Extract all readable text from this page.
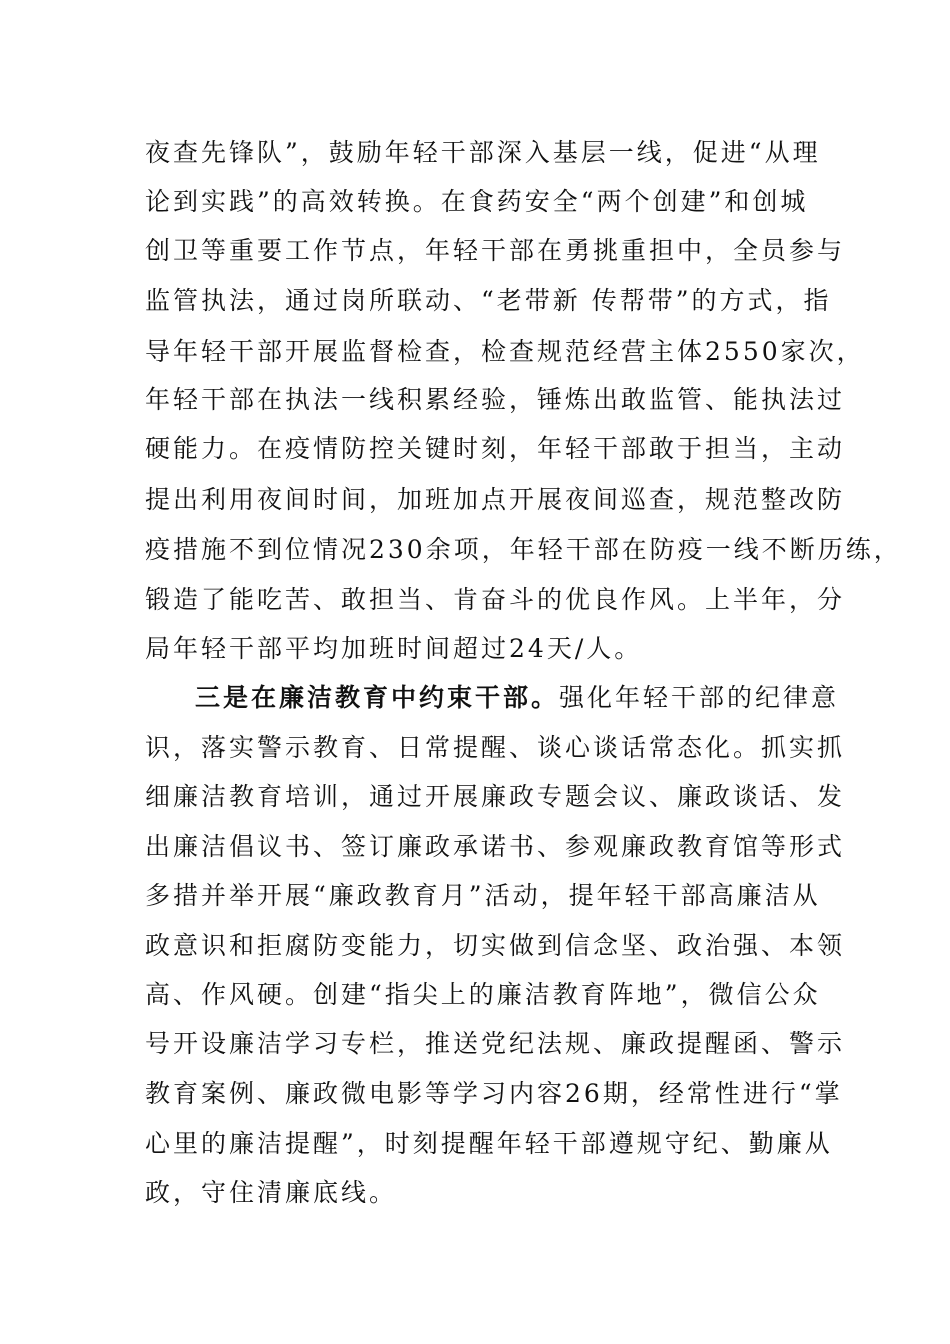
夜查先锋队”，鼓励年轻干部深入基层一线，促进“从理
论到实践”的高效转换。在食药安全“两个创建”和创城
创卫等重要工作节点，年轻干部在勇挑重担中，全员参与
监管执法，通过岗所联动、“老带新 传帮带”的方式，指
导年轻干部开展监督检查，检查规范经营主体2550家次，
年轻干部在执法一线积累经验，锤炼出敢监管、能执法过
硬能力。在疫情防控关键时刻，年轻干部敢于担当，主动
提出利用夜间时间，加班加点开展夜间巡查，规范整改防
疫措施不到位情况230余项，年轻干部在防疫一线不断历练，
锻造了能吃苦、敢担当、肯奋斗的优良作风。上半年，分
局年轻干部平均加班时间超过24天/人。
三是在廉洁教育中约束干部。强化年轻干部的纪律意
识，落实警示教育、日常提醒、谈心谈话常态化。抓实抓
细廉洁教育培训，通过开展廉政专题会议、廉政谈话、发
出廉洁倡议书、签订廉政承诺书、参观廉政教育馆等形式
多措并举开展“廉政教育月”活动，提年轻干部高廉洁从
政意识和拒腐防变能力，切实做到信念坚、政治强、本领
高、作风硬。创建“指尖上的廉洁教育阵地”，微信公众
号开设廉洁学习专栏，推送党纪法规、廉政提醒函、警示
教育案例、廉政微电影等学习内容26期，经常性进行“掌
心里的廉洁提醒”，时刻提醒年轻干部遵规守纪、勤廉从
政，守住清廉底线。
